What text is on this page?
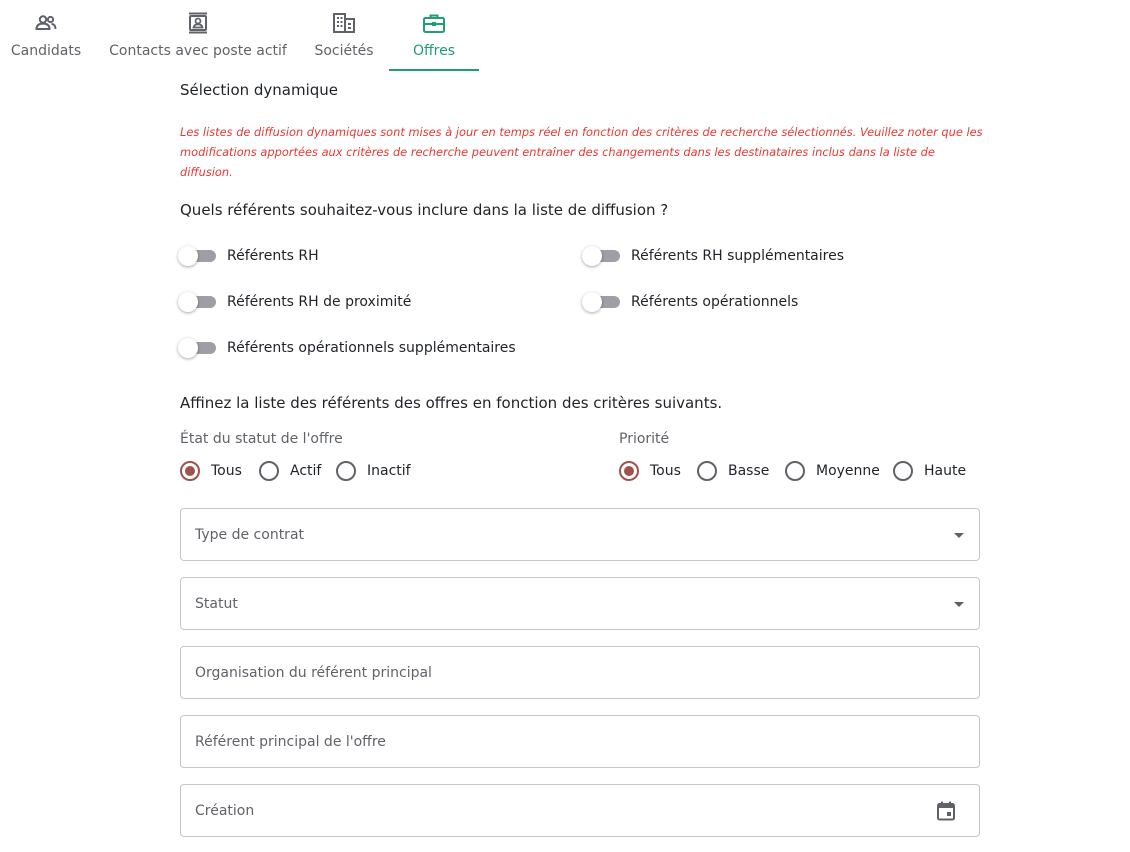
Candidats Contacts avec poste actif Sociétés	Offres
Sélection dynamique
Les listes de diffusion dynamiques sont mises à jour en temps réel en fonction des critères de recherche sélectionnés. Veuillez noter que les modifications apportées aux critères de recherche peuvent entraîner des changements dans les destinataires inclus dans la liste de diffusion.
Quels référents souhaitez-vous inclure dans la liste de diffusion ?
Référents RH	Référents RH supplémentaires
Référents RH de proximité	Référents opérationnels
Référents opérationnels supplémentaires
Affinez la liste des référents des offres en fonction des critères suivants.
État du statut de l'offre
Tous	Actif	Inactif
Priorité
Tous	Basse	Moyenne	Haute
Type de contrat
Statut
Organisation du référent principal
Référent principal de l'offre
Création
